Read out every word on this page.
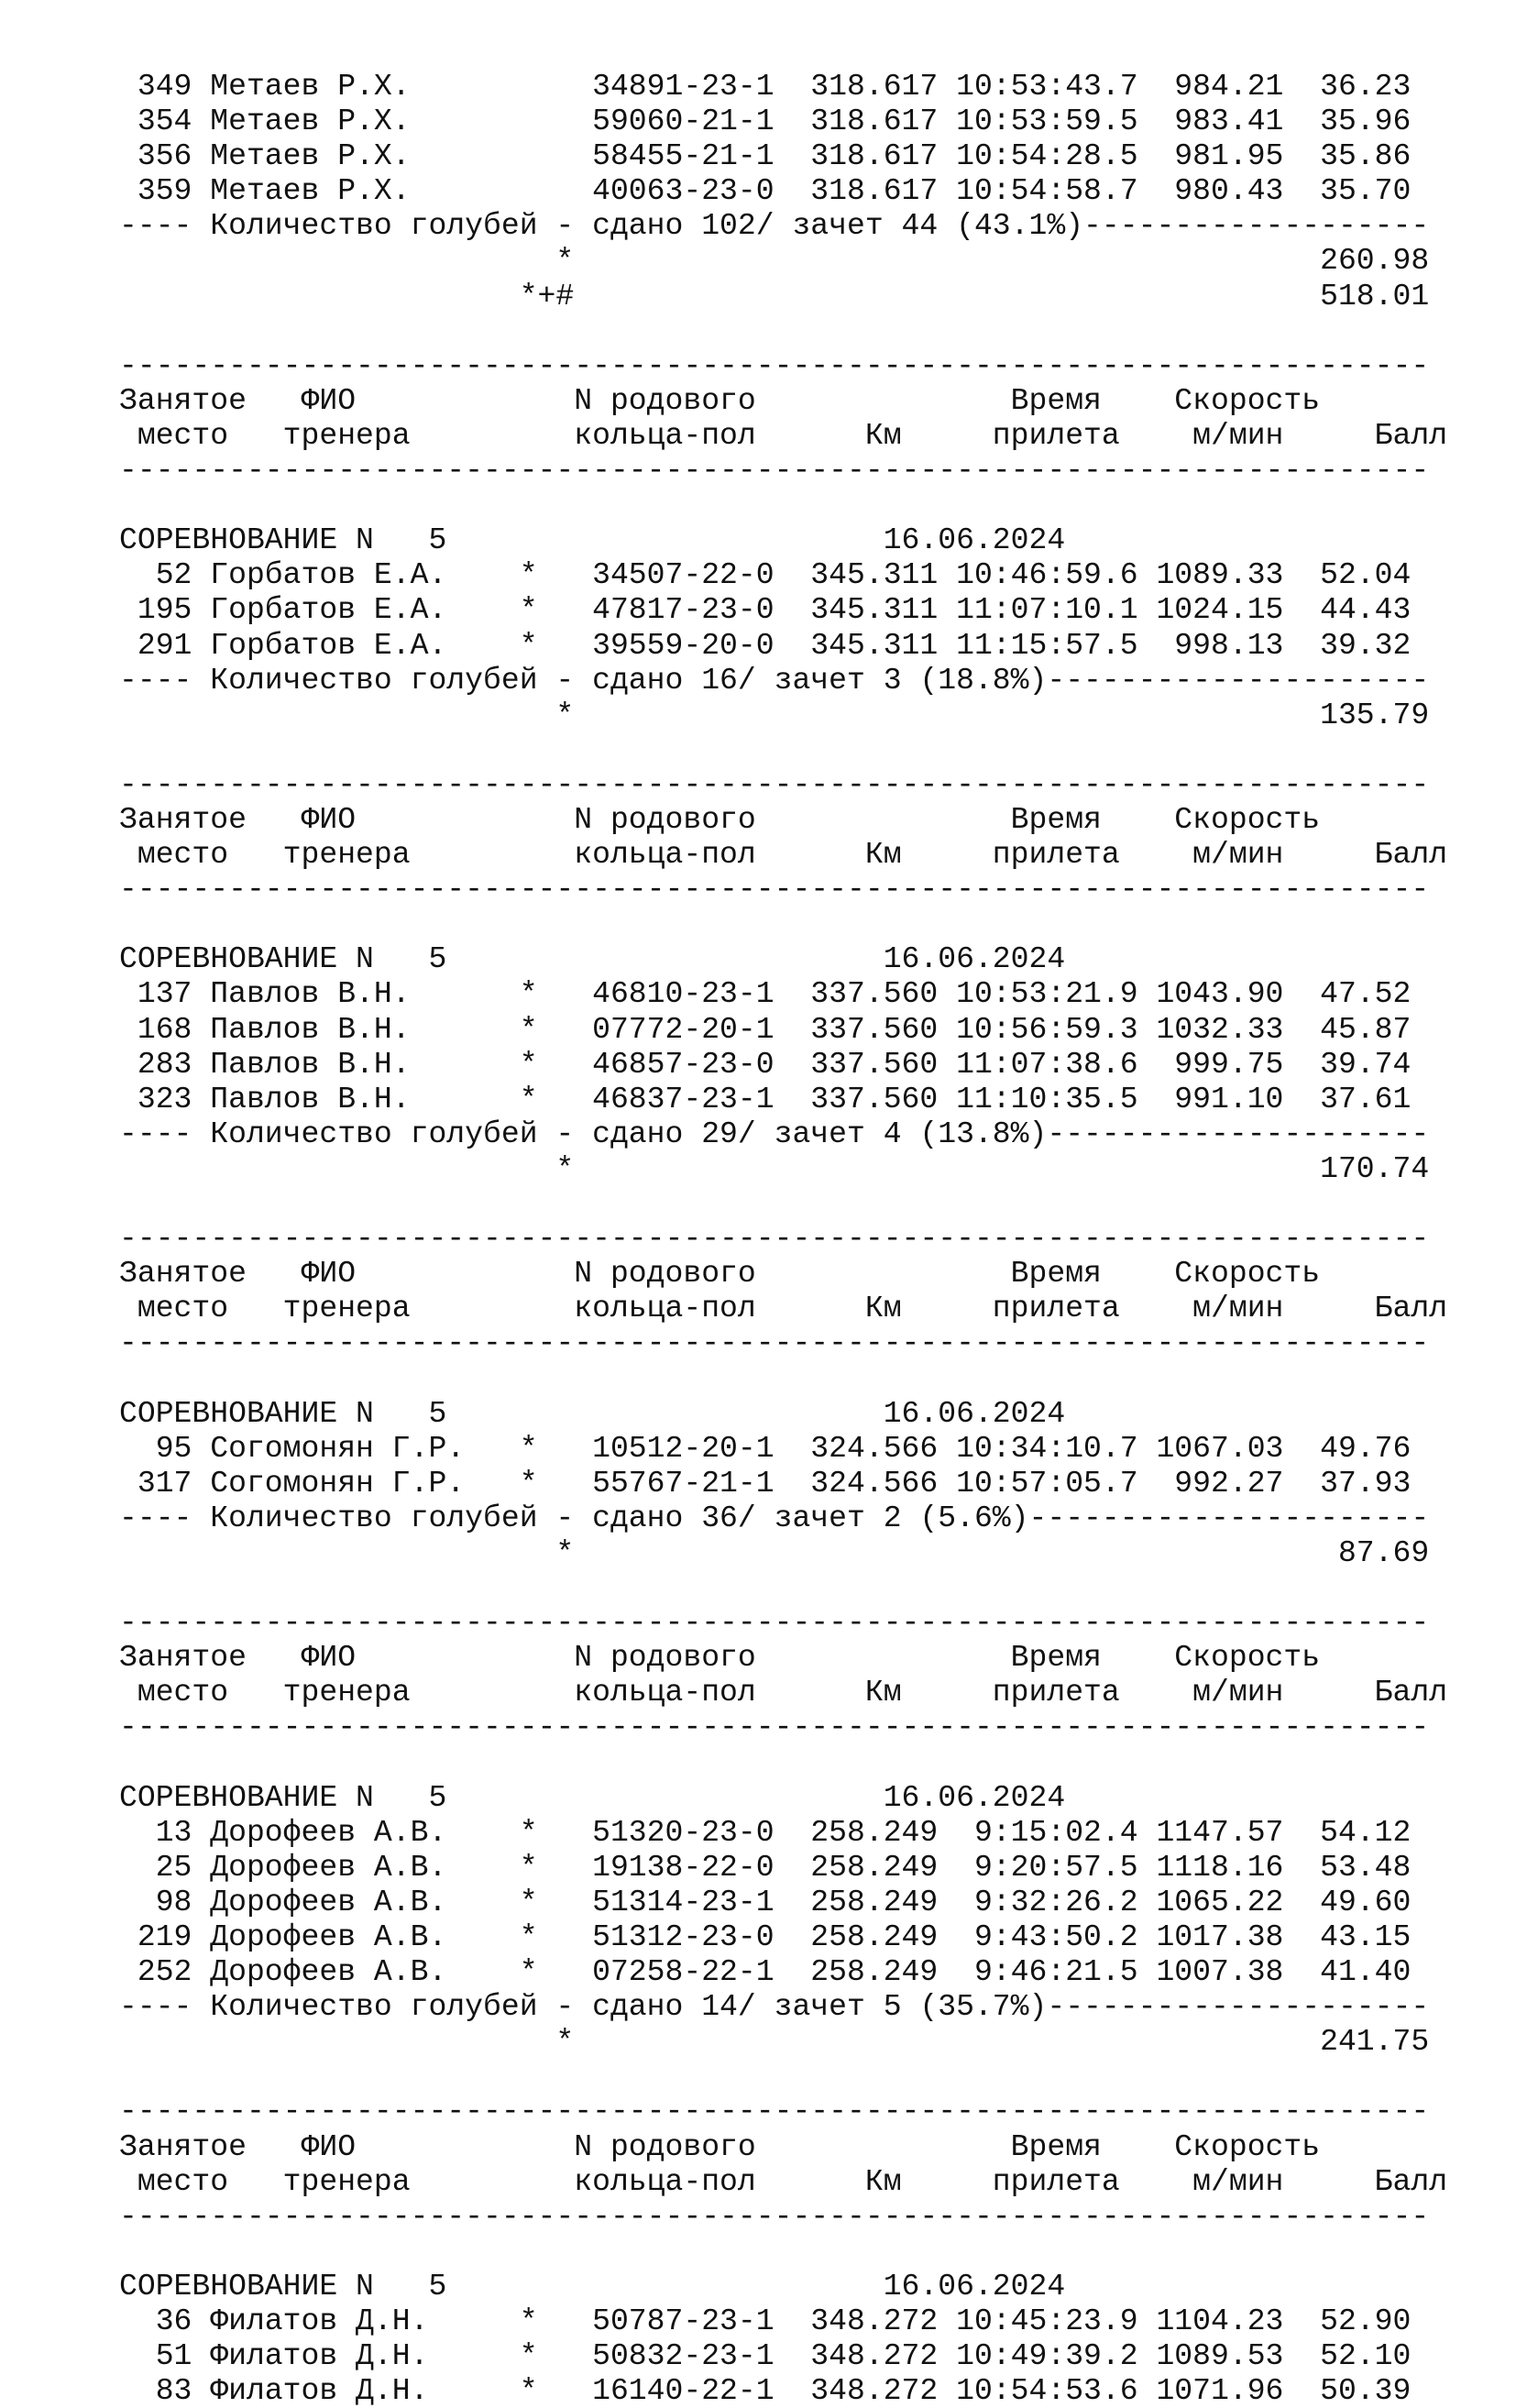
349 Метаев Р.Х.          34891-23-1  318.617 10:53:43.7  984.21  36.23
354 Метаев Р.Х.          59060-21-1  318.617 10:53:59.5  983.41  35.96
356 Метаев Р.Х.          58455-21-1  318.617 10:54:28.5  981.95  35.86
359 Метаев Р.Х.          40063-23-0  318.617 10:54:58.7  980.43  35.70
---- Количество голубей - сдано 102/ зачет 44 (43.1%)-------------------
*                                         260.98
*+#                                         518.01
------------------------------------------------------------------------
Занятое   ФИО            N родового              Время    Скорость
место   тренера         кольца-пол      Км     прилета    м/мин     Балл
------------------------------------------------------------------------
СОРЕВНОВАНИЕ N   5                        16.06.2024
52 Горбатов Е.А.    *   34507-22-0  345.311 10:46:59.6 1089.33  52.04
195 Горбатов Е.А.    *   47817-23-0  345.311 11:07:10.1 1024.15  44.43
291 Горбатов Е.А.    *   39559-20-0  345.311 11:15:57.5  998.13  39.32
---- Количество голубей - сдано 16/ зачет 3 (18.8%)---------------------
*                                         135.79
------------------------------------------------------------------------
Занятое   ФИО            N родового              Время    Скорость
место   тренера         кольца-пол      Км     прилета    м/мин     Балл
------------------------------------------------------------------------
СОРЕВНОВАНИЕ N   5                        16.06.2024
137 Павлов В.Н.      *   46810-23-1  337.560 10:53:21.9 1043.90  47.52
168 Павлов В.Н.      *   07772-20-1  337.560 10:56:59.3 1032.33  45.87
283 Павлов В.Н.      *   46857-23-0  337.560 11:07:38.6  999.75  39.74
323 Павлов В.Н.      *   46837-23-1  337.560 11:10:35.5  991.10  37.61
---- Количество голубей - сдано 29/ зачет 4 (13.8%)---------------------
*                                         170.74
------------------------------------------------------------------------
Занятое   ФИО            N родового              Время    Скорость
место   тренера         кольца-пол      Км     прилета    м/мин     Балл
------------------------------------------------------------------------
СОРЕВНОВАНИЕ N   5                        16.06.2024
95 Согомонян Г.Р.   *   10512-20-1  324.566 10:34:10.7 1067.03  49.76
317 Согомонян Г.Р.   *   55767-21-1  324.566 10:57:05.7  992.27  37.93
---- Количество голубей - сдано 36/ зачет 2 (5.6%)----------------------
*                                          87.69
------------------------------------------------------------------------
Занятое   ФИО            N родового              Время    Скорость
место   тренера         кольца-пол      Км     прилета    м/мин     Балл
------------------------------------------------------------------------
СОРЕВНОВАНИЕ N   5                        16.06.2024
13 Дорофеев А.В.    *   51320-23-0  258.249  9:15:02.4 1147.57  54.12
25 Дорофеев А.В.    *   19138-22-0  258.249  9:20:57.5 1118.16  53.48
98 Дорофеев А.В.    *   51314-23-1  258.249  9:32:26.2 1065.22  49.60
219 Дорофеев А.В.    *   51312-23-0  258.249  9:43:50.2 1017.38  43.15
252 Дорофеев А.В.    *   07258-22-1  258.249  9:46:21.5 1007.38  41.40
---- Количество голубей - сдано 14/ зачет 5 (35.7%)---------------------
*                                         241.75
------------------------------------------------------------------------
Занятое   ФИО            N родового              Время    Скорость
место   тренера         кольца-пол      Км     прилета    м/мин     Балл
------------------------------------------------------------------------
СОРЕВНОВАНИЕ N   5                        16.06.2024
36 Филатов Д.Н.     *   50787-23-1  348.272 10:45:23.9 1104.23  52.90
51 Филатов Д.Н.     *   50832-23-1  348.272 10:49:39.2 1089.53  52.10
83 Филатов Д.Н.     *   16140-22-1  348.272 10:54:53.6 1071.96  50.39
